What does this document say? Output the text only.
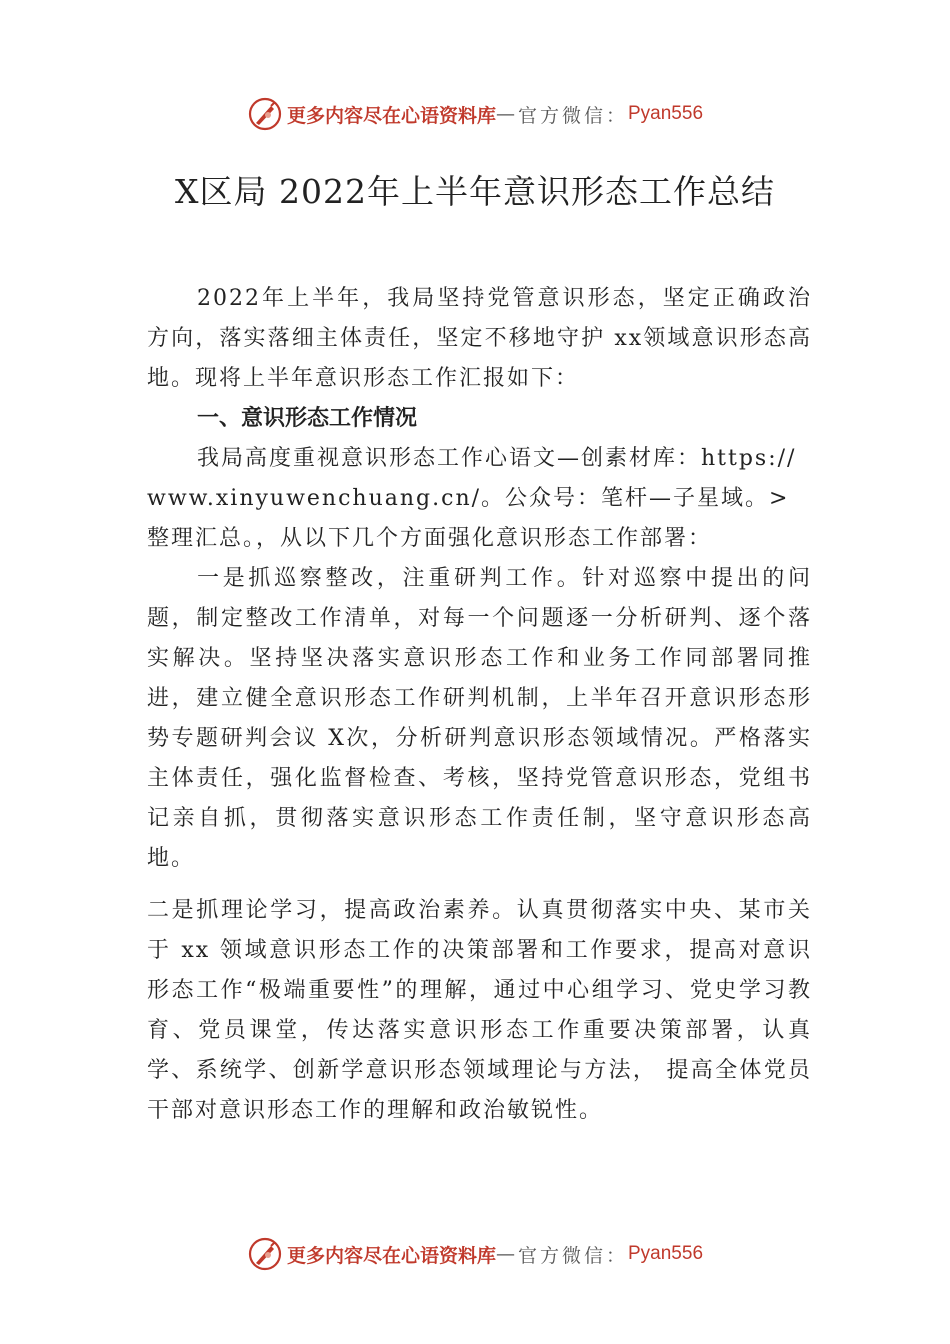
更多内容尽在心语资料库 — 官方微信： Pyan556
X区局 2022年上半年意识形态工作总结

2022年上半年，我局坚持党管意识形态，坚定正确政治方向，落实落细主体责任，坚定不移地守护 xx领域意识形态高地。现将上半年意识形态工作汇报如下：

一、意识形态工作情况

我局高度重视意识形态工作心语文—创素材库：https://www.xinyuwenchuang.cn/。公众号：笔杆—子星域。>整理汇总。，从以下几个方面强化意识形态工作部署：

一是抓巡察整改，注重研判工作。针对巡察中提出的问题，制定整改工作清单，对每一个问题逐一分析研判、逐个落实解决。坚持坚决落实意识形态工作和业务工作同部署同推进，建立健全意识形态工作研判机制，上半年召开意识形态形势专题研判会议 X次，分析研判意识形态领域情况。严格落实主体责任，强化监督检查、考核，坚持党管意识形态，党组书记亲自抓，贯彻落实意识形态工作责任制，坚守意识形态高地。

二是抓理论学习，提高政治素养。认真贯彻落实中央、某市关于 xx 领域意识形态工作的决策部署和工作要求，提高对意识形态工作“极端重要性”的理解，通过中心组学习、党史学习教育、党员课堂，传达落实意识形态工作重要决策部署，认真学、系统学、创新学意识形态领域理论与方法， 提高全体党员干部对意识形态工作的理解和政治敏锐性。

更多内容尽在心语资料库 — 官方微信： Pyan556
